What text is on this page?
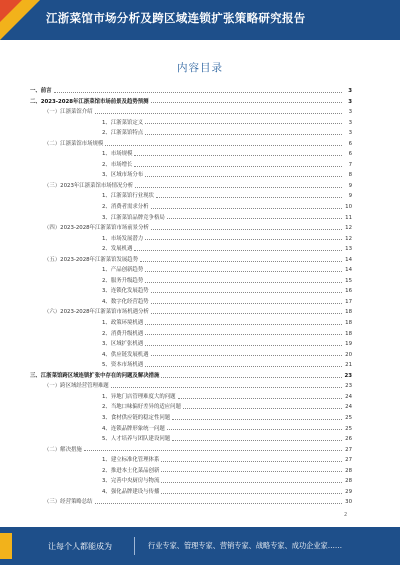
江浙菜馆市场分析及跨区域连锁扩张策略研究报告
内容目录
一、前言	3
二、2023-2028年江浙菜馆市场前景及趋势预测	3
（一）江浙菜馆介绍	3
1、江浙菜馆定义	3
2、江浙菜馆特点	3
（二）江浙菜馆市场规模	6
1、市场规模	6
2、市场增长	7
3、区域市场分布	8
（三）2023年江浙菜馆市场情况分析	9
1、江浙菜馆行业现状	9
2、消费者需求分析	10
3、江浙菜馆品牌竞争格局	11
（四）2023-2028年江浙菜馆市场前景分析	12
1、市场发展潜力	12
2、发展机遇	13
（五）2023-2028年江浙菜馆发展趋势	14
1、产品创新趋势	14
2、服务升级趋势	15
3、连锁化发展趋势	16
4、数字化经营趋势	17
（六）2023-2028年江浙菜馆市场机遇分析	18
1、政策环境机遇	18
2、消费升级机遇	18
3、区域扩张机遇	19
4、供应链发展机遇	20
5、资本市场机遇	21
三、江浙菜馆跨区域连锁扩张中存在的问题及解决措施	23
（一）跨区域经营管理难题	23
1、异地门店管理难度大的问题	24
2、当地口味偏好差异的适应问题	24
3、食材供应链的稳定性问题	25
4、连锁品牌形象统一问题	25
5、人才培养与团队建设问题	26
（二）解决措施	27
1、建立标准化管理体系	27
2、推进本土化菜品创新	28
3、完善中央厨房与物流	28
4、强化品牌建设与传播	29
（三）经营策略总结	30
2
让每个人都能成为	行业专家、管理专家、营销专家、战略专家、成功企业家……
